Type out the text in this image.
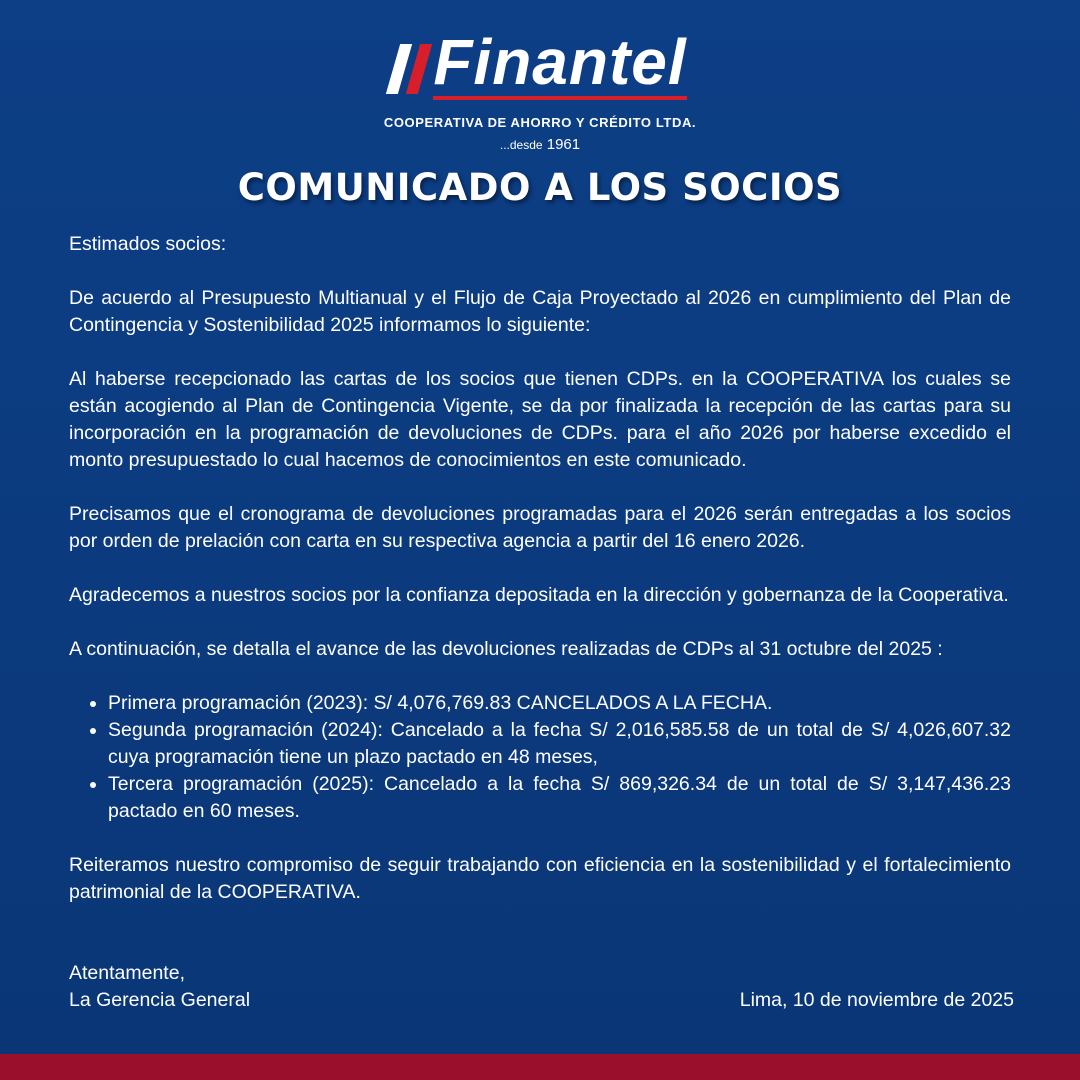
Finantel
COOPERATIVA DE AHORRO Y CRÉDITO LTDA.
...desde 1961
COMUNICADO A LOS SOCIOS

Estimados socios:

De acuerdo al Presupuesto Multianual y el Flujo de Caja Proyectado al 2026 en cumplimiento del Plan de Contingencia y Sostenibilidad 2025 informamos lo siguiente:

Al haberse recepcionado las cartas de los socios que tienen CDPs. en la COOPERATIVA los cuales se están acogiendo al Plan de Contingencia Vigente, se da por finalizada la recepción de las cartas para su incorporación en la programación de devoluciones de CDPs. para el año 2026 por haberse excedido el monto presupuestado lo cual hacemos de conocimientos en este comunicado.

Precisamos que el cronograma de devoluciones programadas para el 2026 serán entregadas a los socios por orden de prelación con carta en su respectiva agencia a partir del 16 enero 2026.

Agradecemos a nuestros socios por la confianza depositada en la dirección y gobernanza de la Cooperativa.

A continuación, se detalla el avance de las devoluciones realizadas de CDPs al 31 octubre del 2025 :

• Primera programación (2023): S/ 4,076,769.83 CANCELADOS A LA FECHA.
• Segunda programación (2024): Cancelado a la fecha S/ 2,016,585.58 de un total de S/ 4,026,607.32 cuya programación tiene un plazo pactado en 48 meses,
• Tercera programación (2025): Cancelado a la fecha S/ 869,326.34 de un total de S/ 3,147,436.23 pactado en 60 meses.

Reiteramos nuestro compromiso de seguir trabajando con eficiencia en la sostenibilidad y el fortalecimiento patrimonial de la COOPERATIVA.

Atentamente,
La Gerencia General	Lima, 10 de noviembre de 2025
